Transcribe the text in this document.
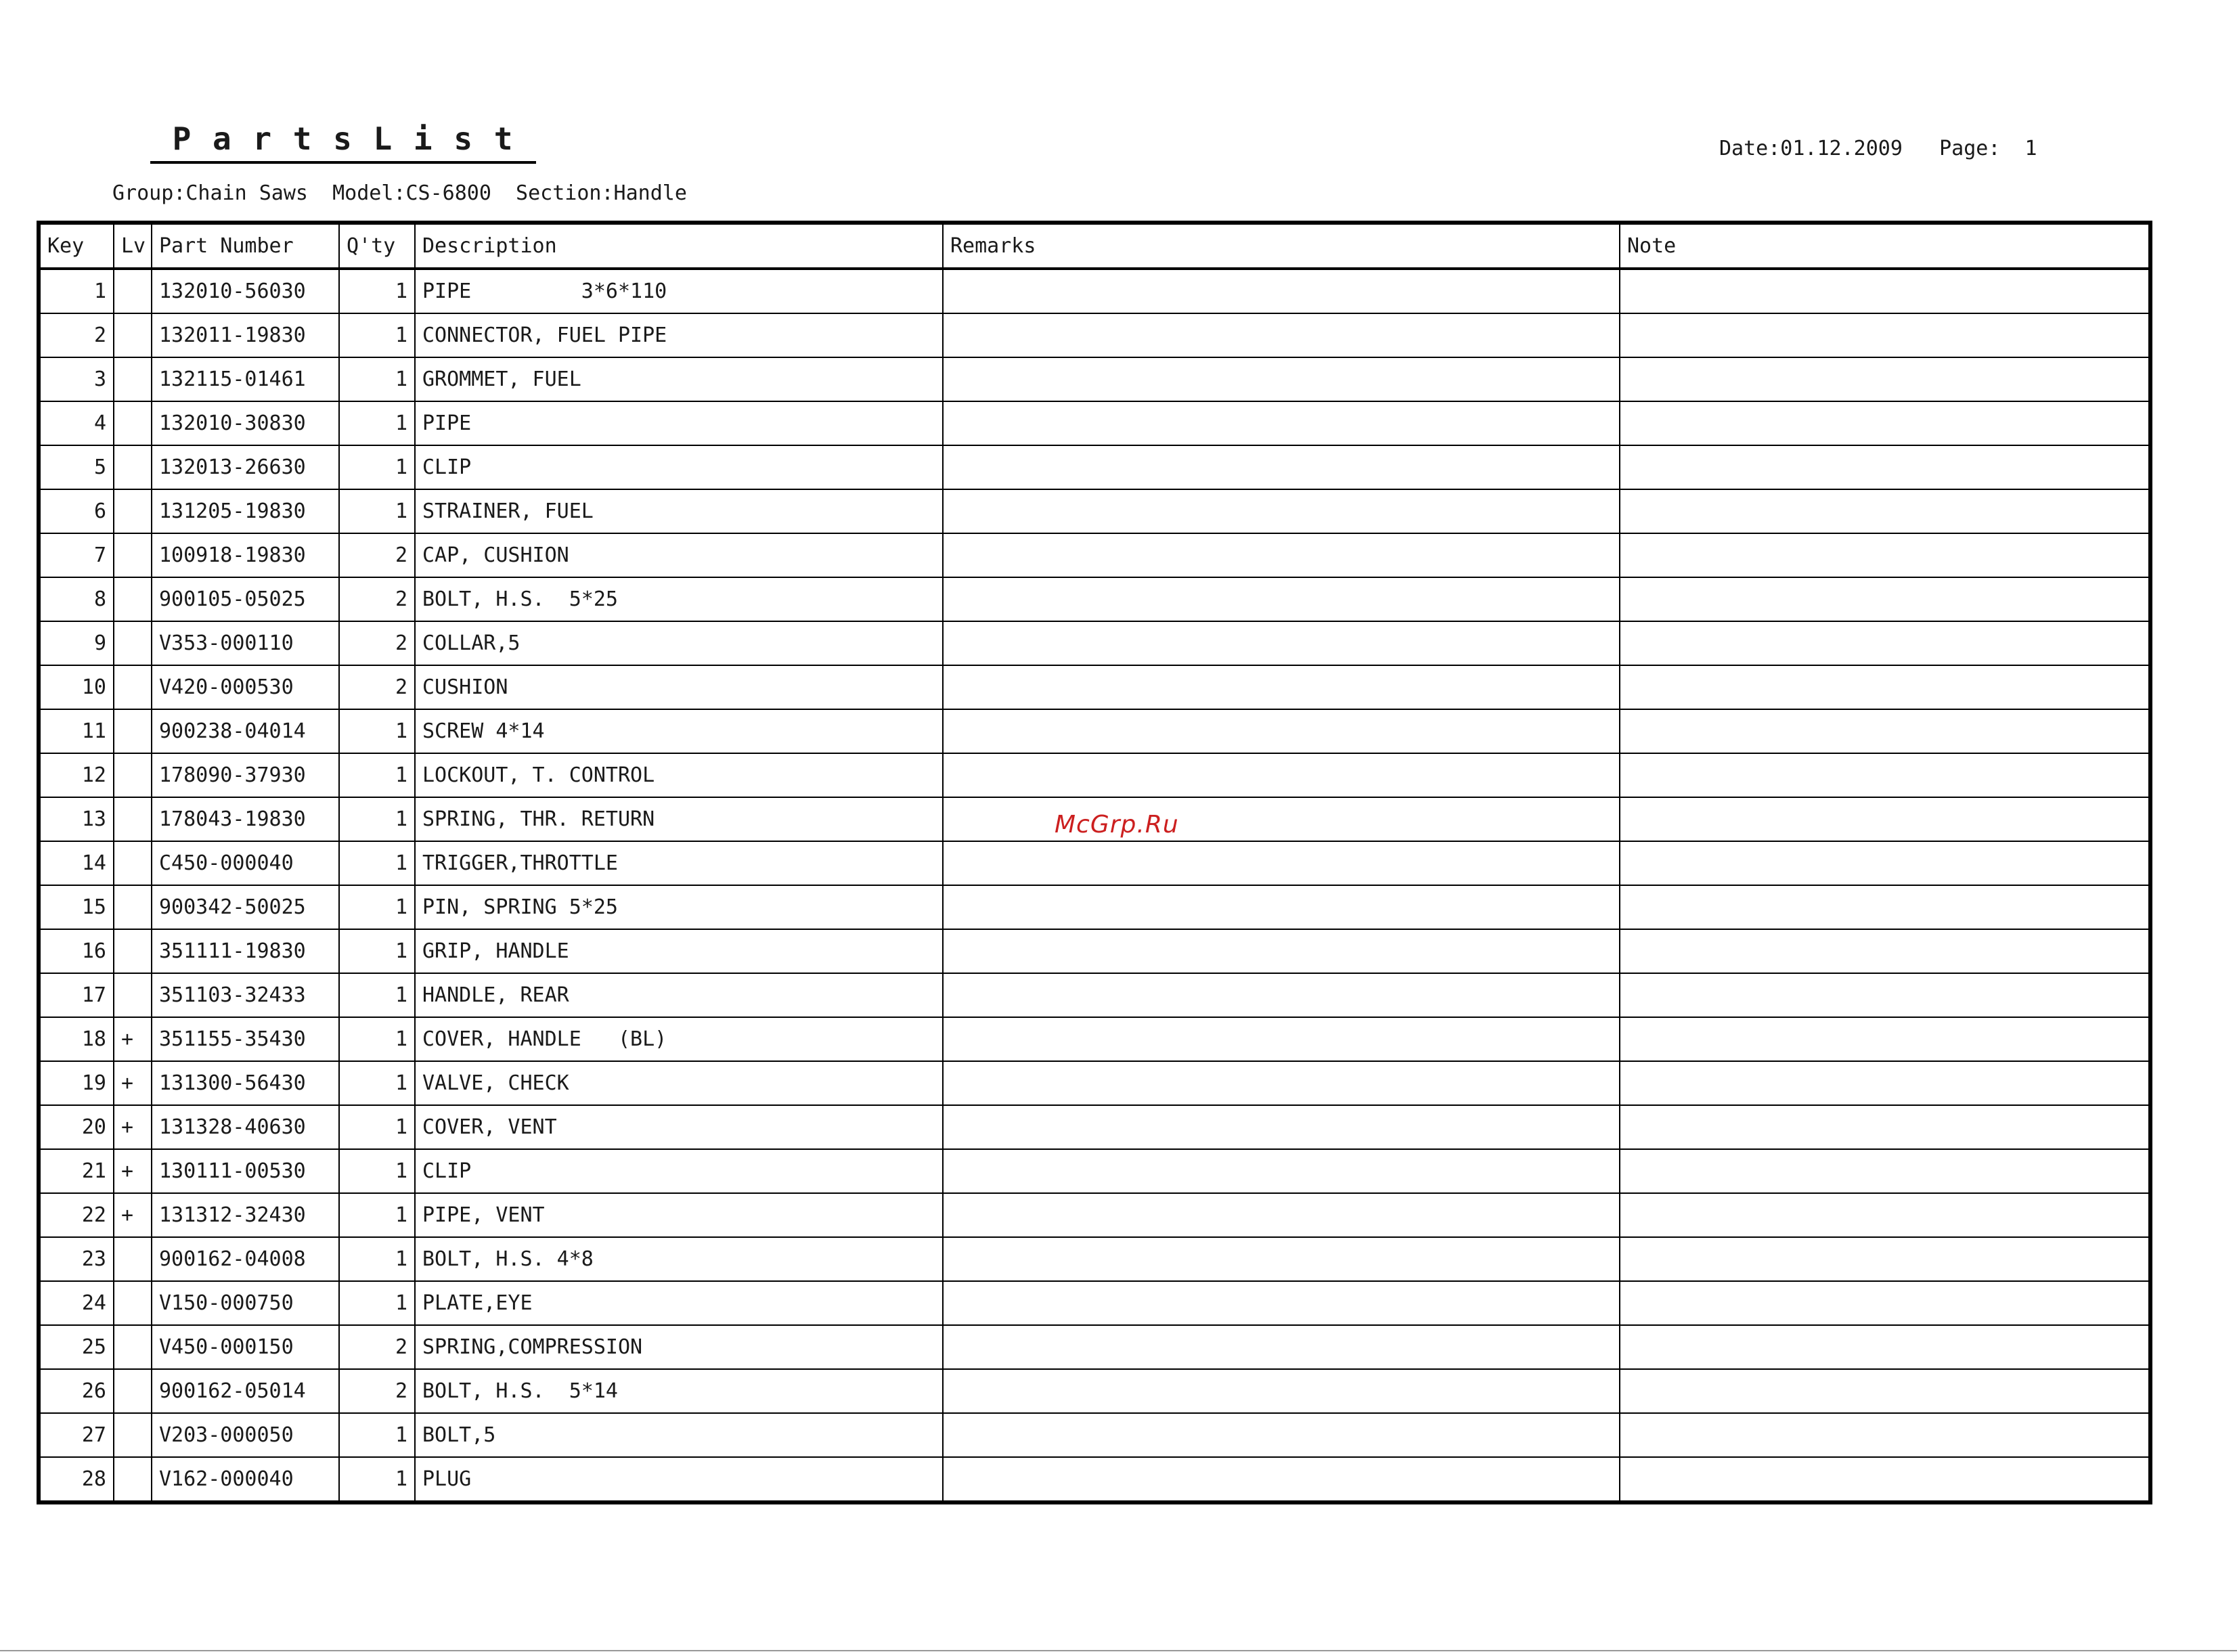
P a r t s L i s t	Date:01.12.2009   Page:  1
Group:Chain Saws  Model:CS-6800  Section:Handle
Key	Lv	Part Number	Q'ty	Description	Remarks	Note
1		132010-56030	1	PIPE         3*6*110		
2		132011-19830	1	CONNECTOR, FUEL PIPE		
3		132115-01461	1	GROMMET, FUEL		
4		132010-30830	1	PIPE		
5		132013-26630	1	CLIP		
6		131205-19830	1	STRAINER, FUEL		
7		100918-19830	2	CAP, CUSHION		
8		900105-05025	2	BOLT, H.S.  5*25		
9		V353-000110	2	COLLAR,5		
10		V420-000530	2	CUSHION		
11		900238-04014	1	SCREW 4*14		
12		178090-37930	1	LOCKOUT, T. CONTROL		
13		178043-19830	1	SPRING, THR. RETURN		
14		C450-000040	1	TRIGGER,THROTTLE		
15		900342-50025	1	PIN, SPRING 5*25		
16		351111-19830	1	GRIP, HANDLE		
17		351103-32433	1	HANDLE, REAR		
18	+	351155-35430	1	COVER, HANDLE   (BL)		
19	+	131300-56430	1	VALVE, CHECK		
20	+	131328-40630	1	COVER, VENT		
21	+	130111-00530	1	CLIP		
22	+	131312-32430	1	PIPE, VENT		
23		900162-04008	1	BOLT, H.S. 4*8		
24		V150-000750	1	PLATE,EYE		
25		V450-000150	2	SPRING,COMPRESSION		
26		900162-05014	2	BOLT, H.S.  5*14		
27		V203-000050	1	BOLT,5		
28		V162-000040	1	PLUG		
McGrp.Ru
